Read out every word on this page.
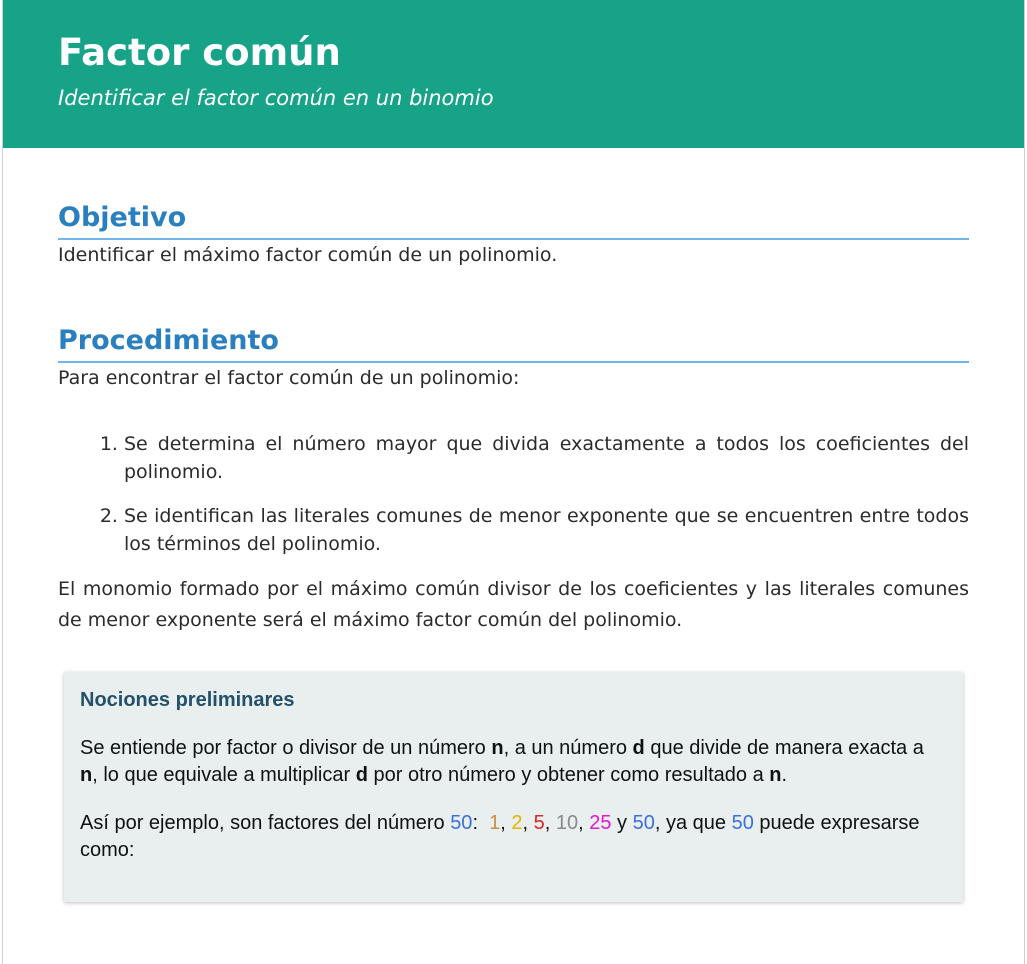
Factor común
Identificar el factor común en un binomio
Objetivo

Identificar el máximo factor común de un polinomio.

Procedimiento

Para encontrar el factor común de un polinomio:

1. Se determina el número mayor que divida exactamente a todos los coeficientes del polinomio.
2. Se identifican las literales comunes de menor exponente que se encuentren entre todos los términos del polinomio.

El monomio formado por el máximo común divisor de los coeficientes y las literales comunes de menor exponente será el máximo factor común del polinomio.

Nociones preliminares

Se entiende por factor o divisor de un número n, a un número d que divide de manera exacta a n, lo que equivale a multiplicar d por otro número y obtener como resultado a n.

Así por ejemplo, son factores del número 50:  1, 2, 5, 10, 25 y 50, ya que 50 puede expresarse como:
